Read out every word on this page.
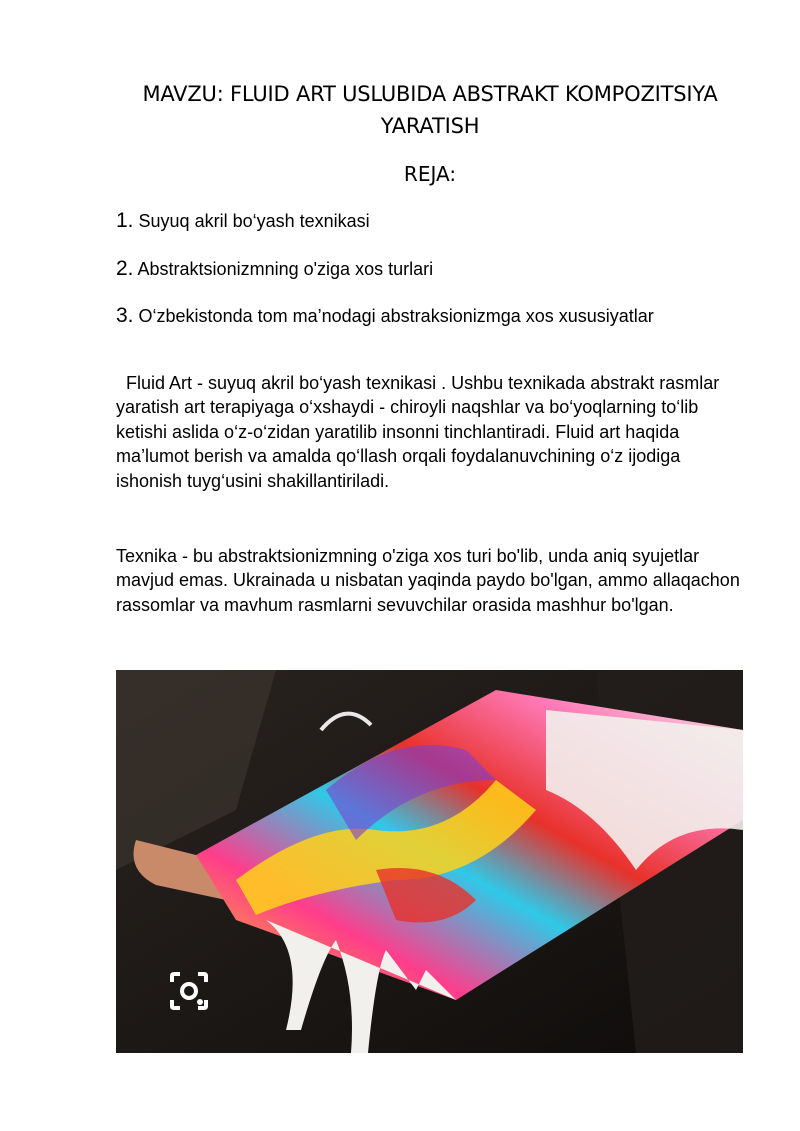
MAVZU: FLUID ART USLUBIDA ABSTRAKT KOMPOZITSIYA YARATISH
REJA:
1. Suyuq akril bo‘yash texnikasi
2. Abstraktsionizmning o'ziga xos turlari
3. O‘zbekistonda tom ma’nodagi abstraksionizmga xos xususiyatlar
Fluid Art - suyuq akril bo‘yash texnikasi . Ushbu texnikada abstrakt rasmlar yaratish art terapiyaga o‘xshaydi - chiroyli naqshlar va bo‘yoqlarning to‘lib ketishi aslida o‘z-o‘zidan yaratilib insonni tinchlantiradi. Fluid art haqida ma’lumot berish va amalda qo‘llash orqali foydalanuvchining o‘z ijodiga ishonish tuyg‘usini shakillantiriladi.
Texnika - bu abstraktsionizmning o'ziga xos turi bo'lib, unda aniq syujetlar mavjud emas. Ukrainada u nisbatan yaqinda paydo bo'lgan, ammo allaqachon rassomlar va mavhum rasmlarni sevuvchilar orasida mashhur bo'lgan.
